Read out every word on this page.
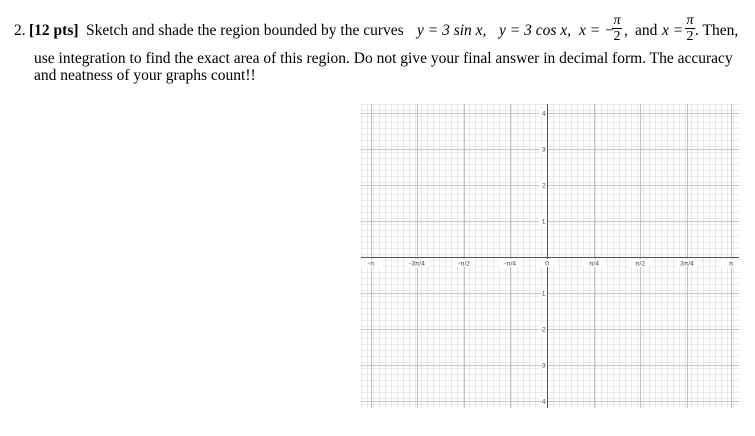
2. [12 pts] Sketch and shade the region bounded by the curves y = 3 sin x, y = 3 cos x, x = −
π
2 , and x =
π
2 . Then,

use integration to find the exact area of this region. Do not give your final answer in decimal form. The accuracy and neatness of your graphs count!!

-π	-3π/4	-π/2	-π/4	0	π/4	π/2	3π/4	π
4
3
2
1
-1
-2
-3
-4
